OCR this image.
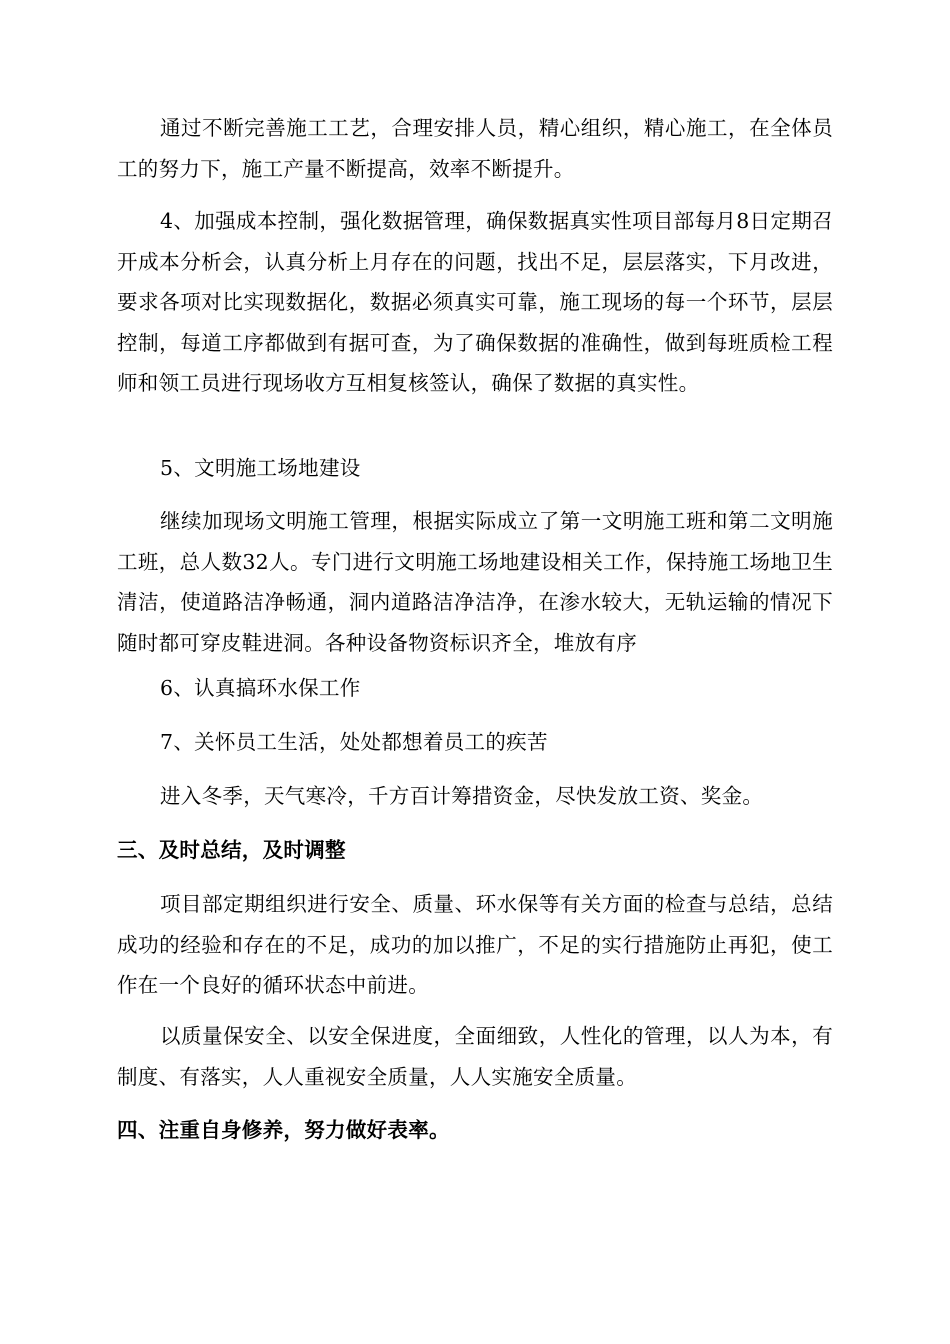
通过不断完善施工工艺，合理安排人员，精心组织，精心施工，在全体员工的努力下，施工产量不断提高，效率不断提升。

4、加强成本控制，强化数据管理，确保数据真实性项目部每月8日定期召开成本分析会，认真分析上月存在的问题，找出不足，层层落实，下月改进，要求各项对比实现数据化，数据必须真实可靠，施工现场的每一个环节，层层控制，每道工序都做到有据可查，为了确保数据的准确性，做到每班质检工程师和领工员进行现场收方互相复核签认，确保了数据的真实性。

5、文明施工场地建设

继续加现场文明施工管理，根据实际成立了第一文明施工班和第二文明施工班，总人数32人。专门进行文明施工场地建设相关工作，保持施工场地卫生清洁，使道路洁净畅通，洞内道路洁净洁净，在渗水较大，无轨运输的情况下随时都可穿皮鞋进洞。各种设备物资标识齐全，堆放有序

6、认真搞环水保工作

7、关怀员工生活，处处都想着员工的疾苦

进入冬季，天气寒冷，千方百计筹措资金，尽快发放工资、奖金。

三、及时总结，及时调整

项目部定期组织进行安全、质量、环水保等有关方面的检查与总结，总结成功的经验和存在的不足，成功的加以推广，不足的实行措施防止再犯，使工作在一个良好的循环状态中前进。

以质量保安全、以安全保进度，全面细致，人性化的管理，以人为本，有制度、有落实，人人重视安全质量，人人实施安全质量。

四、注重自身修养，努力做好表率。
